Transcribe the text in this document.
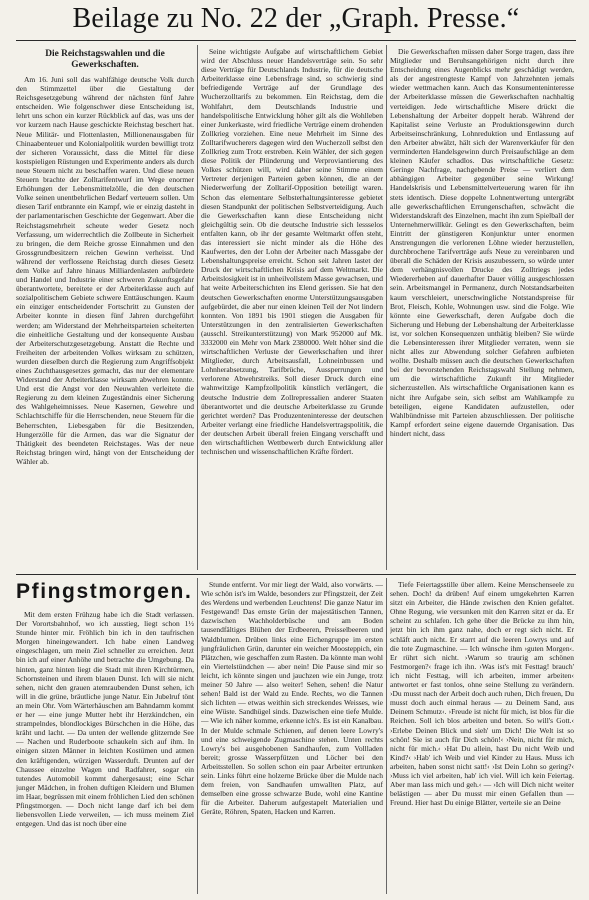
Beilage zu No. 22 der „Graph. Presse.“
Die Reichstagswahlen und die Gewerkschaften.
Am 16. Juni soll das wahlfähige deutsche Volk durch den Stimmzettel über die Gestaltung der Reichsgesetzgebung während der nächsten fünf Jahre entscheiden. Wie folgenschwer diese Entscheidung ist, lehrt uns schon ein kurzer Rückblick auf das, was uns der vor kurzem nach Hause geschickte Reichstag beschert hat. Neue Militär- und Flottenlasten, Millionenausgaben für Chinaabenteuer und Kolonialpolitik wurden bewilligt trotz der sicheren Voraussicht, dass die Mittel für diese kostspieligen Rüstungen und Experimente anders als durch neue Steuern nicht zu beschaffen waren. Und diese neuen Steuern brachte der Zolltarifentwurf im Wege enormer Erhöhungen der Lebensmittelzölle, die den deutschen Volke seinen unentbehrlichen Bedarf verteuern sollen. Um diesen Tarif entbrannte ein Kampf, wie er einzig dasteht in der parlamentarischen Geschichte der Gegenwart. Aber die Reichstagsmehrheit scheute weder Gesetz noch Verfassung, um widerrechtlich die Zollbeute in Sicherheit zu bringen, die dem Reiche grosse Einnahmen und den Grossgrundbesitzern reichen Gewinn verheisst. Und während der verflossene Reichstag durch dieses Gesetz dem Volke auf Jahre hinaus Milliardenlasten aufbürdete und Handel und Industrie einer schweren Zukunftsgefahr überantwortete, bereitete er der Arbeiterklasse auch auf sozialpolitischem Gebiete schwere Enttäuschungen. Kaum ein einziger entscheidender Fortschritt zu Gunsten der Arbeiter konnte in diesen fünf Jahren durchgeführt werden; am Widerstand der Mehrheitsparteien scheiterten die einheitliche Gestaltung und der konsequente Ausbau der Arbeiterschutzgesetzgebung. Anstatt die Rechte und Freiheiten der arbeitenden Volkes wirksam zu schützen, wurden dieselben durch die Regierung zum Angriffsobjekt eines Zuchthausgesetzes gemacht, das nur der elementare Widerstand der Arbeiterklasse wirksam abwehren konnte. Und erst die Angst vor den Neuwahlen verleitete die Regierung zu dem kleinen Zugeständnis einer Sicherung des Wahlgeheimnisses. Neue Kasernen, Gewehre und Schlachtschiffe für die Herrschenden, neue Steuern für die Beherrschten, Liebesgaben für die Besitzenden, Hungerzölle für die Armen, das war die Signatur der Thätigkeit des beendeten Reichstages. Was der neue Reichstag bringen wird, hängt von der Entscheidung der Wähler ab.
Seine wichtigste Aufgabe auf wirtschaftlichem Gebiet wird der Abschluss neuer Handelsverträge sein. So sehr diese Verträge für Deutschlands Industrie, für die deutsche Arbeiterklasse eine Lebensfrage sind, so schwierig sind befriedigende Verträge auf der Grundlage des Wucherzolltarifs zu bekommen. Ein Reichstag, dem die Wohlfahrt, dem Deutschlands Industrie und handelspolitische Entwicklung höher gilt als die Wohlleben einer Junkerkaste, wird friedliche Verträge einem drohenden Zollkrieg vorziehen. Eine neue Mehrheit im Sinne des Zolltarifwucherers dagegen wird den Wucherzoll selbst den Zollkrieg zum Trotz erstreben. Kein Wähler, der sich gegen diese Politik der Plünderung und Verproviantierung des Volkes schützen will, wird daher seine Stimme einem Vertreter derjenigen Parteien geben können, die an der Niederwerfung der Zolltarif-Opposition beteiligt waren. Schon das elementare Selbsterhaltungsinteresse gebietet diesen Standpunkt der politischen Selbstverteidigung. Auch die Gewerkschaften kann diese Entscheidung nicht gleichgültig sein. Ob die deutsche Industrie sich lessselos entfalten kann, ob ihr der gesamte Weltmarkt offen steht, das interessiert sie nicht minder als die Höhe des Kaufwertes, den der Lohn der Arbeiter nach Massgabe der Lebenshaltungspreise erreicht. Schon seit Jahren lastet der Druck der wirtschaftlichen Krisis auf dem Weltmarkt. Die Arbeitslosigkeit ist in unheilvollstem Masse gewachsen, und hat weite Arbeiterschichten ins Elend gerissen. Sie hat den deutschen Gewerkschaften enorme Unterstützungsausgaben aufgebürdet, die aber nur einen kleinen Teil der Not lindern konnten. Von 1891 bis 1901 stiegen die Ausgaben für Unterstützungen in den zentralisierten Gewerkschaften (ausschl. Streikunterstützung) von Mark 952000 auf Mk. 3332000 ein Mehr von Mark 2380000. Welt höher sind die wirtschaftlichen Verluste der Gewerkschaften und ihrer Mitglieder, durch Arbeitsausfall, Lohneinbussen und Lohnherabsetzung, Tarifbrüche, Aussperrungen und verlorene Abwehrstreiks. Soll dieser Druck durch eine wahnwitzige Kampfzollpolitik künstlich verlängert, die deutsche Industrie dem Zollrepressalien anderer Staaten überantwortet und die deutsche Arbeiterklasse zu Grunde gerichtet werden? Das Produzenteninteresse der deutschen Arbeiter verlangt eine friedliche Handelsvertragspolitik, die der deutschen Arbeit überall freien Eingang verschafft und den wirtschaftlichen Wettbewerb durch Entwicklung aller technischen und wissenschaftlichen Kräfte fördert.
Die Gewerkschaften müssen daher Sorge tragen, dass ihre Mitglieder und Beruhsangehörigen nicht durch ihre Entscheidung eines Augenblicks mehr geschädigt werden, als der angestrengteste Kampf von Jahrzehnten jemals wieder wettmachen kann. Auch das Konsumenteninteresse der Arbeiterklasse müssen die Gewerkschaften nachhaltig verteidigen. Jede wirtschaftliche Misere drückt die Lebenshaltung der Arbeiter doppelt herab. Während der Kapitalist seine Verluste an Produktionsgewinn durch Arbeitseinschränkung, Lohnreduktion und Entlassung auf den Arbeiter abwälzt, hält sich der Warenverkäufer für den verminderten Handelsgewinn durch Preisaufschläge an dem kleinen Käufer schadlos. Das wirtschaftliche Gesetz: Geringe Nachfrage, nachgebende Preise — verliert dem abhängigen Arbeiter gegenüber seine Wirkung! Handelskrisis und Lebensmittelverteuerung waren für ihn stets identisch. Diese doppelte Lohnentwertung untergräbt alle gewerkschaftlichen Errungenschaften, schwächt die Widerstandskraft des Einzelnen, macht ihn zum Spielball der Unternehmerwillkür. Gelingt es den Gewerkschaften, beim Eintritt der günstigeren Konjunktur unter enormen Anstrengungen die verlorenen Löhne wieder herzustellen, durchbrochene Tarifverträge aufs Neue zu vereinbaren und überall die Schäden der Krisis auszubessern, so würde unter dem verhängnisvollen Drucke des Zolltriegs jedes Wiedererheben auf dauerhafter Dauer völlig ausgeschlossen sein. Arbeitsmangel in Permanenz, durch Notstandsarbeiten kaum verschleiert, unerschwingliche Notstandspreise für Brot, Fleisch, Kohle, Wohnungen usw. sind die Folge. Wie könnte eine Gewerkschaft, deren Aufgabe doch die Sicherung und Hebung der Lebenshaltung der Arbeiterklasse ist, vor solchen Konsequenzen unthätig bleiben? Sie würde die Lebensinteressen ihrer Mitglieder verraten, wenn sie nicht alles zur Abwendung solcher Gefahren aufbieten wollte. Deshalb müssen auch die deutschen Gewerkschaften bei der bevorstehenden Reichstagswahl Stellung nehmen, um die wirtschaftliche Zukunft ihr Mitglieder sicherzustellen. Als wirtschaftliche Organisationen kann es nicht ihre Aufgabe sein, sich selbst am Wahlkampfe zu beteiligen, eigene Kandidaten aufzustellen, oder Wahlbündnisse mit Parteien abzuschliessen. Der politische Kampf erfordert seine eigene dauernde Organisation. Das hindert nicht, dass
Pfingstmorgen.
Mit dem ersten Frühzug habe ich die Stadt verlassen. Der Vorortsbahnhof, wo ich ausstieg, liegt schon 1½ Stunde hinter mir. Fröhlich bin ich in den taufrischen Morgen hineingewandert. Ich habe einen Landweg eingeschlagen, um mein Ziel schneller zu erreichen. Jetzt bin ich auf einer Anhöhe und betrachte die Umgebung. Da hinten, ganz hinten liegt die Stadt mit ihren Kirchtürmen, Schornsteinen und ihrem blauen Dunst. Ich will sie nicht sehen, nicht den grauen atemraubenden Dunst sehen, ich will in die grüne, bräutliche junge Natur. Ein Jubelruf tönt an mein Ohr. Vom Wärterhäuschen am Bahndamm kommt er her — eine junge Mutter hebt ihr Herzkindchen, ein strampelndes, blondlockiges Bürschchen in die Höhe, das kräht und lacht. — Da unten der wellende glitzernde See — Nachen und Ruderboote schaukeln sich auf ihm. In einigen sitzen Männer in leichten Kostümen und atmen den kräftigenden, würzigen Wasserduft. Drunten auf der Chaussee einzelne Wagen und Radfahrer, sogar ein tutendes Automobil kommt dahergesaust; eine Schar junger Mädchen, in frohen duftigen Kleidern und Blumen im Haar, begrüssen mit einem fröhlichen Lied den schönen Pfingstmorgen. — Doch nicht lange darf ich bei dem liebensvollen Liede verweilen, — ich muss meinem Ziel entgegen. Und das ist noch über eine
Stunde entfernt. Vor mir liegt der Wald, also vorwärts. — Wie schön ist's im Walde, besonders zur Pfingstzeit, der Zeit des Werdens und werbenden Leuchtens! Die ganze Natur im Festgewand! Das ernste Grün der majestätischen Tannen, dazwischen Wachholderbüsche und am Boden tausendfältiges Blühen der Erdbeeren, Preisselbeeren und Waldblumen. Drüben links eine Eichengruppe im ersten jungfräulichen Grün, darunter ein weicher Moosteppich, ein Plätzchen, wie geschaffen zum Rasten. Da könnte man wohl ein Viertelstündchen — aber nein! Die Pause sind mir so leicht, ich könnte singen und jauchzen wie ein Junge, trotz meiner 50 Jahre — also weiter! Sehen, sehen! die Natur sehen! Bald ist der Wald zu Ende. Rechts, wo die Tannen sich lichten — etwas weithin sich streckendes Weisses, wie eine Wüste. Sandhügel sinds. Dazwischen eine tiefe Mulde. — Wie ich näher komme, erkenne ich's. Es ist ein Kanalbau. In der Mulde schmale Schienen, auf denen leere Lowry's und eine schweigende Zugmaschine stehen. Unten rechts Lowry's bei ausgehobenen Sandhaufen, zum Vollladen bereit; grosse Wasserpfützen und Löcher bei den Arbeitsstellen. So sollen schon ein paar Arbeiter ertrunken sein. Links führt eine holzerne Brücke über die Mulde nach dem freien, von Sandhaufen umwallten Platz, auf demselben eine grosse schwarze Bude, wohl eine Kantine für die Arbeiter. Daherum aufgestapelt Materialien und Geräte, Röhren, Spaten, Hacken und Karren.
Tiefe Feiertagsstille über allem. Keine Menschenseele zu sehen. Doch! da drüben! Auf einem umgekehrten Karren sitzt ein Arbeiter, die Hände zwischen den Knien gefaltet. Ohne Regung, wie versunken mit den Karren sitzt er da. Er scheint zu schlafen. Ich gehe über die Brücke zu ihm hin, jetzt bin ich ihm ganz nahe, doch er regt sich nicht. Er schläft auch nicht. Er starrt auf die leeren Lowrys und auf die tote Zugmaschine. — Ich wünsche ihm ›guten Morgen‹. Er rührt sich nicht. ›Warum so traurig am schönen Festmorgen?‹ frage ich ihn. ›Was ist's mit Festtag! brauch' ich nicht Festtag, will ich arbeiten, immer arbeiten‹ antwortet er fast tonlos, ohne seine Stellung zu verändern. ›Du musst nach der Arbeit doch auch ruhen, Dich freuen, Du musst doch auch einmal heraus — zu Deinem Sand, aus Deinem Schmutz‹. ›Freude ist nicht für mich, ist blos für die Reichen. Soll ich blos arbeiten und beten. So will's Gott.‹ ›Erlebe Deinen Blick und sieh' um Dich! Die Welt ist so schön! Sie ist auch für Dich schön!‹ ›Nein, nicht für mich, nicht für mich.‹ ›Hat Du allein, hast Du nicht Weib und Kind?‹ ›Hab' ich Weib und viel Kinder zu Haus. Muss ich arbeiten, haben sonst nicht satt!‹ ›Ist Dein Lohn so gering?‹ ›Muss ich viel arbeiten, hab' ich viel. Will ich kein Feiertag. Aber man lass mich und geh.‹ — ›Ich will Dich nicht weiter belästigen — aber Du musst mir einen Gefallen thun — Freund. Hier hast Du einige Blätter, verteile sie an Deine
